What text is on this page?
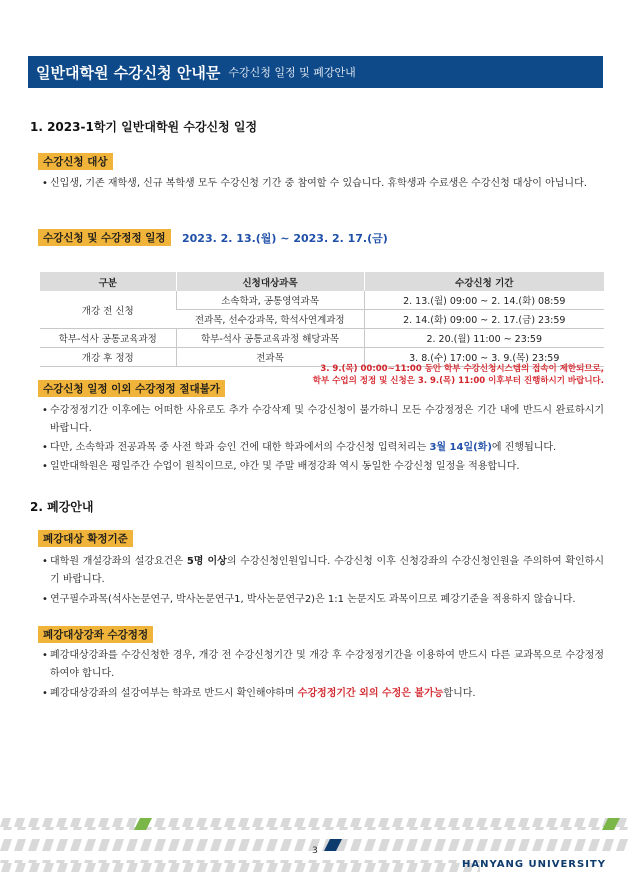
일반대학원 수강신청 안내문 수강신청 일정 및 폐강안내
1. 2023-1학기 일반대학원 수강신청 일정
수강신청 대상
• 신입생, 기존 재학생, 신규 복학생 모두 수강신청 기간 중 참여할 수 있습니다. 휴학생과 수료생은 수강신청 대상이 아닙니다.
수강신청 및 수강정정 일정	2023. 2. 13.(월) ~ 2023. 2. 17.(금)
구분	신청대상과목	수강신청 기간
개강 전 신청	소속학과, 공통영역과목	2. 13.(월) 09:00 ~ 2. 14.(화) 08:59
	전과목, 선수강과목, 학석사연계과정	2. 14.(화) 09:00 ~ 2. 17.(금) 23:59
학부-석사 공통교육과정	학부-석사 공통교육과정 해당과목	2. 20.(월) 11:00 ~ 23:59
개강 후 정정	전과목	3. 8.(수) 17:00 ~ 3. 9.(목) 23:59
3. 9.(목) 00:00~11:00 동안 학부 수강신청시스템의 접속이 제한되므로,
학부 수업의 정정 및 신청은 3. 9.(목) 11:00 이후부터 진행하시기 바랍니다.
수강신청 일정 이외 수강정정 절대불가
• 수강정정기간 이후에는 어떠한 사유로도 추가 수강삭제 및 수강신청이 불가하니 모든 수강정정은 기간 내에 반드시 완료하시기 바랍니다.
• 다만, 소속학과 전공과목 중 사전 학과 승인 건에 대한 학과에서의 수강신청 입력처리는 3월 14일(화)에 진행됩니다.
• 일반대학원은 평일주간 수업이 원칙이므로, 야간 및 주말 배정강좌 역시 동일한 수강신청 일정을 적용합니다.
2. 폐강안내
폐강대상 확정기준
• 대학원 개설강좌의 설강요건은 5명 이상의 수강신청인원입니다. 수강신청 이후 신청강좌의 수강신청인원을 주의하여 확인하시기 바랍니다.
• 연구필수과목(석사논문연구, 박사논문연구1, 박사논문연구2)은 1:1 논문지도 과목이므로 폐강기준을 적용하지 않습니다.
폐강대상강좌 수강정정
• 폐강대상강좌를 수강신청한 경우, 개강 전 수강신청기간 및 개강 후 수강정정기간을 이용하여 반드시 다른 교과목으로 수강정정하여야 합니다.
• 폐강대상강좌의 설강여부는 학과로 반드시 확인해야하며 수강정정기간 외의 수정은 불가능합니다.
3
HANYANG UNIVERSITY
